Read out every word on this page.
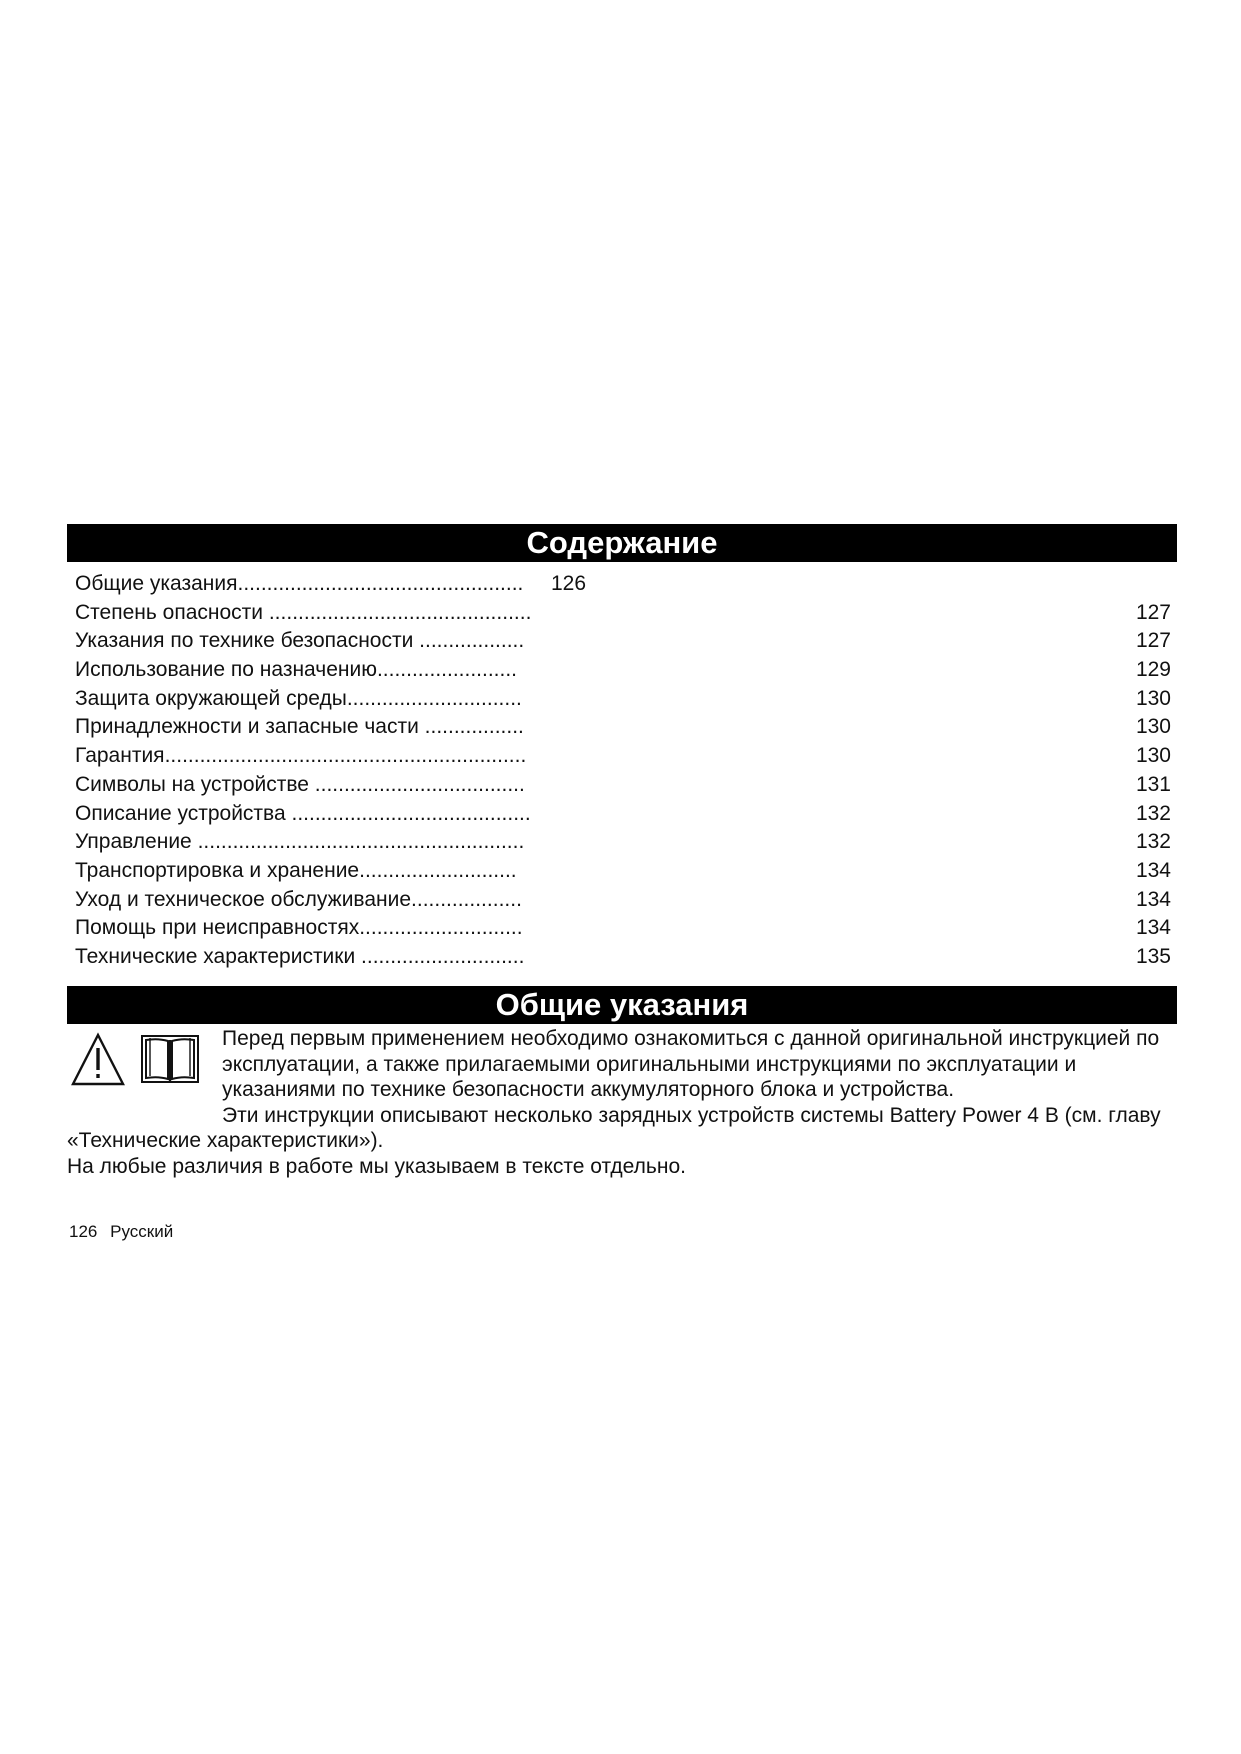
Содержание
Общие указания.................................................	126
Степень опасности .............................................	127
Указания по технике безопасности ..................	127
Использование по назначению........................	129
Защита окружающей среды..............................	130
Принадлежности и запасные части .................	130
Гарантия..............................................................	130
Символы на устройстве ....................................	131
Описание устройства .........................................	132
Управление ........................................................	132
Транспортировка и хранение...........................	134
Уход и техническое обслуживание...................	134
Помощь при неисправностях............................	134
Технические характеристики ............................	135
Общие указания

Перед первым применением необходимо ознакомиться с данной оригинальной инструкцией по эксплуатации, а также прилагаемыми оригинальными инструкциями по эксплуатации и указаниями по технике безопасности аккумуляторного блока и устройства.

Эти инструкции описывают несколько зарядных устройств системы Battery Power 4 В (см. главу «Технические характеристики»).

На любые различия в работе мы указываем в тексте отдельно.

126 Русский
